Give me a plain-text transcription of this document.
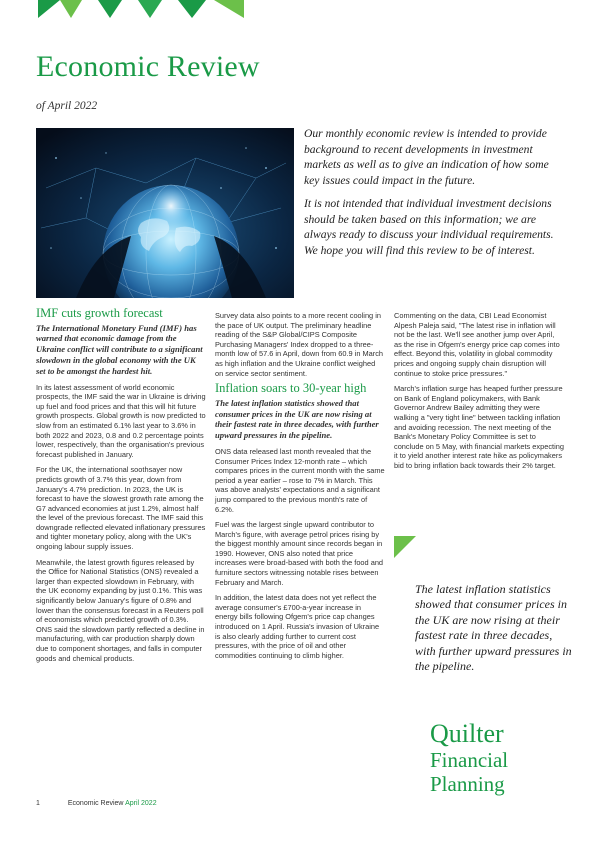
Economic Review
of April 2022

Our monthly economic review is intended to provide background to recent developments in investment markets as well as to give an indication of how some key issues could impact in the future.

It is not intended that individual investment decisions should be taken based on this information; we are always ready to discuss your individual requirements. We hope you will find this review to be of interest.

IMF cuts growth forecast

The International Monetary Fund (IMF) has warned that economic damage from the Ukraine conflict will contribute to a significant slowdown in the global economy with the UK set to be amongst the hardest hit.

In its latest assessment of world economic prospects, the IMF said the war in Ukraine is driving up fuel and food prices and that this will hit future growth prospects. Global growth is now predicted to slow from an estimated 6.1% last year to 3.6% in both 2022 and 2023, 0.8 and 0.2 percentage points lower, respectively, than the organisation's previous forecast published in January.

For the UK, the international soothsayer now predicts growth of 3.7% this year, down from January's 4.7% prediction. In 2023, the UK is forecast to have the slowest growth rate among the G7 advanced economies at just 1.2%, almost half the level of the previous forecast. The IMF said this downgrade reflected elevated inflationary pressures and tighter monetary policy, along with the UK's ongoing labour supply issues.

Meanwhile, the latest growth figures released by the Office for National Statistics (ONS) revealed a larger than expected slowdown in February, with the UK economy expanding by just 0.1%. This was significantly below January's figure of 0.8% and lower than the consensus forecast in a Reuters poll of economists which predicted growth of 0.3%. ONS said the slowdown partly reflected a decline in manufacturing, with car production sharply down due to component shortages, and falls in computer goods and chemical products.

Survey data also points to a more recent cooling in the pace of UK output. The preliminary headline reading of the S&P Global/CIPS Composite Purchasing Managers' Index dropped to a three-month low of 57.6 in April, down from 60.9 in March as high inflation and the Ukraine conflict weighed on service sector sentiment.

Inflation soars to 30-year high

The latest inflation statistics showed that consumer prices in the UK are now rising at their fastest rate in three decades, with further upward pressures in the pipeline.

ONS data released last month revealed that the Consumer Prices Index 12-month rate – which compares prices in the current month with the same period a year earlier – rose to 7% in March. This was above analysts' expectations and a significant jump compared to the previous month's rate of 6.2%.

Fuel was the largest single upward contributor to March's figure, with average petrol prices rising by the biggest monthly amount since records began in 1990. However, ONS also noted that price increases were broad-based with both the food and furniture sectors witnessing notable rises between February and March.

In addition, the latest data does not yet reflect the average consumer's £700-a-year increase in energy bills following Ofgem's price cap changes introduced on 1 April. Russia's invasion of Ukraine is also clearly adding further to current cost pressures, with the price of oil and other commodities continuing to climb higher.

Commenting on the data, CBI Lead Economist Alpesh Paleja said, "The latest rise in inflation will not be the last. We'll see another jump over April, as the rise in Ofgem's energy price cap comes into effect. Beyond this, volatility in global commodity prices and ongoing supply chain disruption will continue to stoke price pressures."

March's inflation surge has heaped further pressure on Bank of England policymakers, with Bank Governor Andrew Bailey admitting they were walking a "very tight line" between tackling inflation and avoiding recession. The next meeting of the Bank's Monetary Policy Committee is set to conclude on 5 May, with financial markets expecting it to yield another interest rate hike as policymakers bid to bring inflation back towards their 2% target.

The latest inflation statistics showed that consumer prices in the UK are now rising at their fastest rate in three decades, with further upward pressures in the pipeline.
Quilter
Financial
Planning
1	Economic Review April 2022
